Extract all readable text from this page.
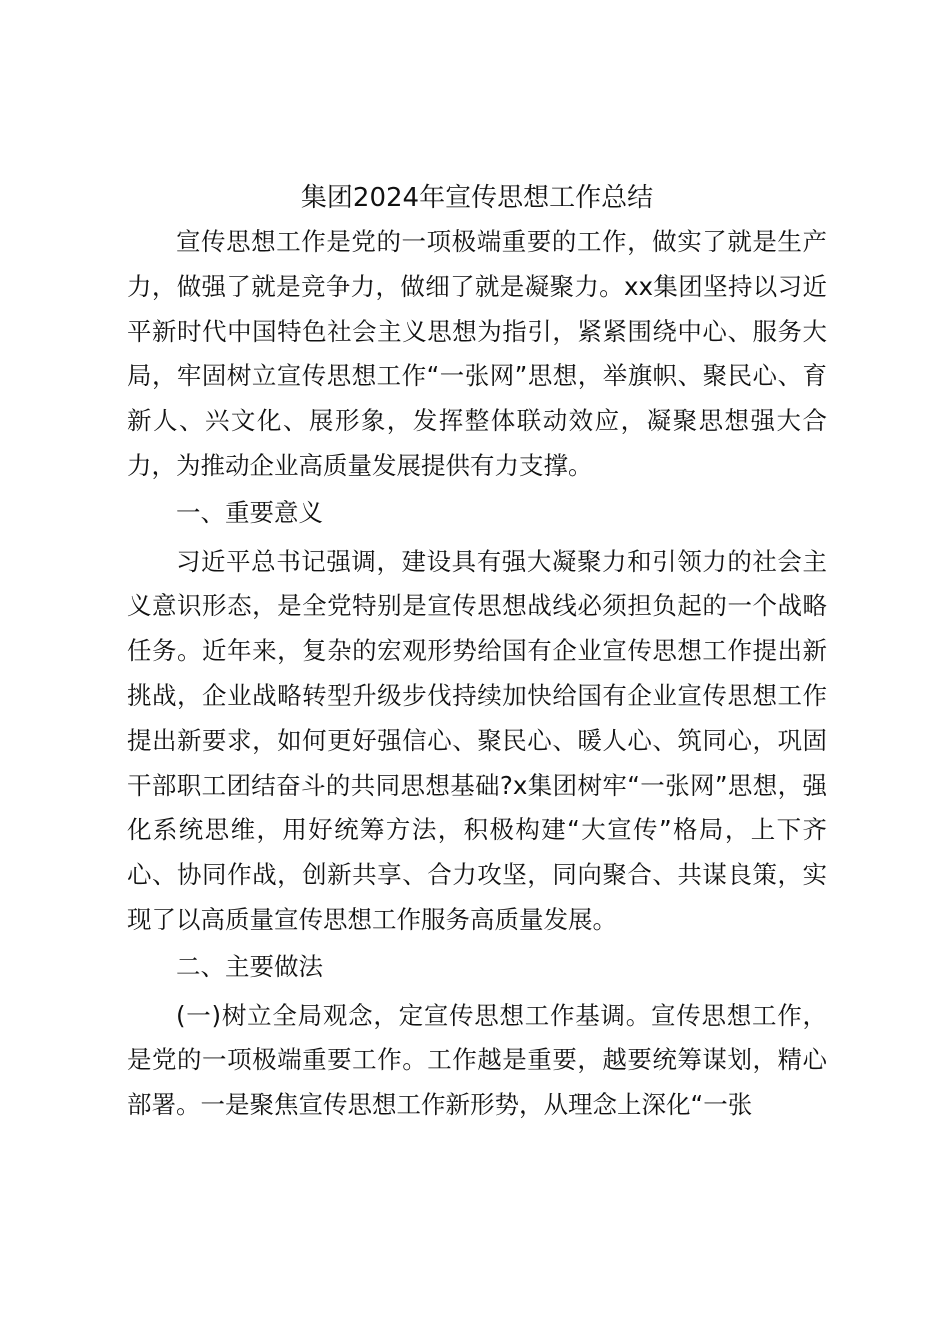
集团2024年宣传思想工作总结

宣传思想工作是党的一项极端重要的工作，做实了就是生产力，做强了就是竞争力，做细了就是凝聚力。xx集团坚持以习近平新时代中国特色社会主义思想为指引，紧紧围绕中心、服务大局，牢固树立宣传思想工作“一张网”思想，举旗帜、聚民心、育新人、兴文化、展形象，发挥整体联动效应，凝聚思想强大合力，为推动企业高质量发展提供有力支撑。

一、重要意义

习近平总书记强调，建设具有强大凝聚力和引领力的社会主义意识形态，是全党特别是宣传思想战线必须担负起的一个战略任务。近年来，复杂的宏观形势给国有企业宣传思想工作提出新挑战，企业战略转型升级步伐持续加快给国有企业宣传思想工作提出新要求，如何更好强信心、聚民心、暖人心、筑同心，巩固干部职工团结奋斗的共同思想基础?x集团树牢“一张网”思想，强化系统思维，用好统筹方法，积极构建“大宣传”格局，上下齐心、协同作战，创新共享、合力攻坚，同向聚合、共谋良策，实现了以高质量宣传思想工作服务高质量发展。

二、主要做法

(一)树立全局观念，定宣传思想工作基调。宣传思想工作，是党的一项极端重要工作。工作越是重要，越要统筹谋划，精心部署。一是聚焦宣传思想工作新形势，从理念上深化“一张
